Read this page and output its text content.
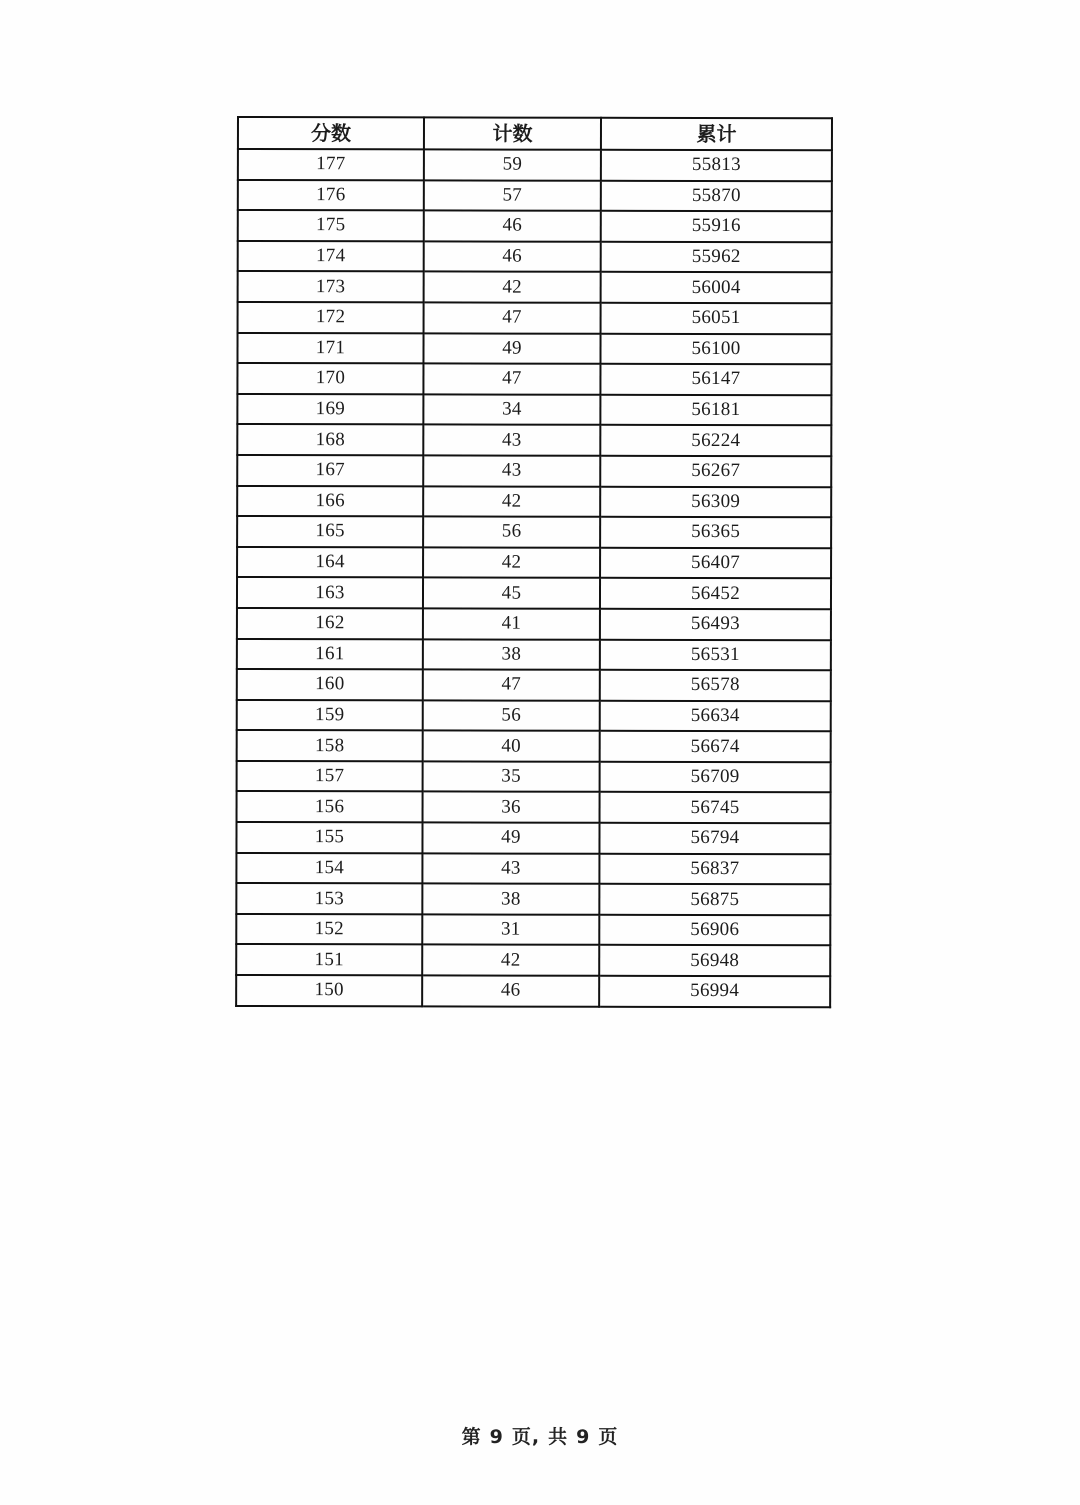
分数	计数	累计
177	59	55813
176	57	55870
175	46	55916
174	46	55962
173	42	56004
172	47	56051
171	49	56100
170	47	56147
169	34	56181
168	43	56224
167	43	56267
166	42	56309
165	56	56365
164	42	56407
163	45	56452
162	41	56493
161	38	56531
160	47	56578
159	56	56634
158	40	56674
157	35	56709
156	36	56745
155	49	56794
154	43	56837
153	38	56875
152	31	56906
151	42	56948
150	46	56994
第 9 页, 共 9 页
